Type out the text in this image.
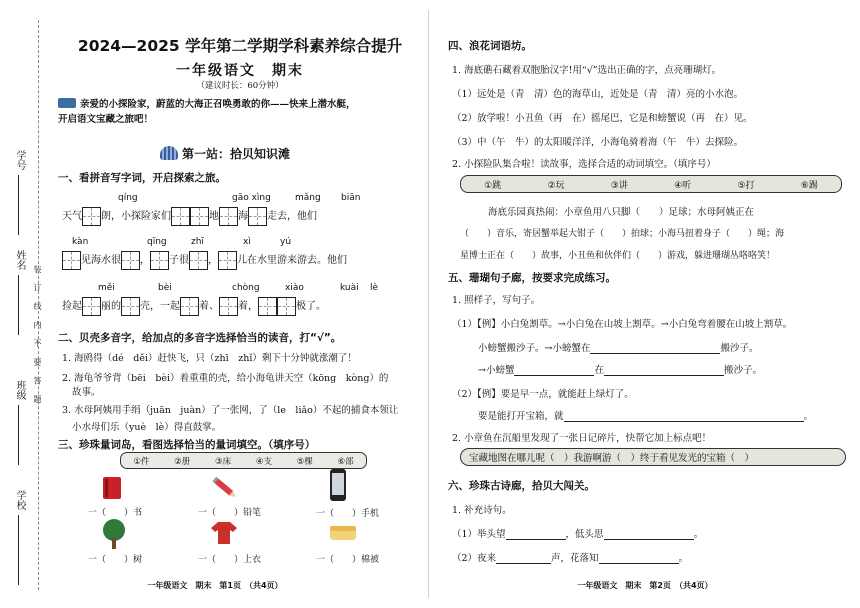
学号
姓名
班级
学校
装 订 线 内 不 要 答 题
2024—2025 学年第二学期学科素养综合提升
一年级语文　期末
（建议时长：60分钟）
亲爱的小探险家，蔚蓝的大海正召唤勇敢的你——快来上潜水艇，
开启语文宝藏之旅吧！
第一站：拾贝知识滩
一、看拼音写字词，开启探索之旅。
qíng	gāo xìng	mǎng biān
天气 朗，小探险家们	地 海 走去，他们
kàn	qīng	zhī	xì	yú
见海水很 ， 子很 ， 儿在水里游来游去。他们
měi	bèi	chòng	xiào	kuài lè
捡起 丽的 壳，一起 着、 着，	极了。
二、贝壳多音字，给加点的多音字选择恰当的读音，打“√”。
1. 海鸥得（dé　děi）赶快飞，只（zhī　zhǐ）剩下十分钟就涨潮了！
2. 海龟爷爷背（bēi　bèi）着重重的壳，给小海龟讲天空（kōng　kòng）的
故事。
3. 水母阿姨用手绢（juān　juàn）了一张网，了（le　liǎo）不起的捕食本领让
小水母们乐（yuè　lè）得直鼓掌。
三、珍珠量词岛，看图选择恰当的量词填空。（填序号）
①件	②册	③床	④支	⑤棵	⑥部
一（　　）书	一（　　）铅笔	一（　　）手机
一（　　）树	一（　　）上衣	一（　　）棉被
一年级语文　期末　第1页　（共4页）
四、浪花词语坊。
1. 海底礁石藏着双胞胎汉字!用“√”选出正确的字，点亮珊瑚灯。
（1）远处是（青　清）色的海草山，近处是（青　清）亮的小水泡。
（2）放学啦！小丑鱼（再　在）摇尾巴，它是和螃蟹说（再　在）见。
（3）中（午　牛）的太阳暖洋洋，小海龟骑着海（午　牛）去探险。
2. 小探险队集合啦！读故事，选择合适的动词填空。（填序号）
①跳	②玩	③讲	④听	⑤打	⑥踢
海底乐园真热闹：小章鱼用八只脚（　　）足球；水母阿姨正在
（　　）音乐，寄居蟹举起大钳子（　　）拍球；小海马扭着身子（　　）绳；海
星博士正在（　　）故事，小丑鱼和伙伴们（　　）游戏，躲进珊瑚丛咯咯笑！
五、珊瑚句子廊，按要求完成练习。
1. 照样子，写句子。
（1）【例】小白兔割草。→小白兔在山坡上割草。→小白兔弯着腰在山坡上割草。
小螃蟹搬沙子。→小螃蟹在	搬沙子。
→小螃蟹	在	搬沙子。
（2）【例】要是早一点，就能赶上绿灯了。
要是能打开宝箱，就	。
2. 小章鱼在沉船里发现了一张日记碎片，快帮它加上标点吧！
宝藏地图在哪儿呢（　）我游啊游（　）终于看见发光的宝箱（　）
六、珍珠古诗廊，拾贝大闯关。
1. 补充诗句。
（1）举头望	，低头思	。
（2）夜来	声，花落知	。
一年级语文　期末　第2页　（共4页）
